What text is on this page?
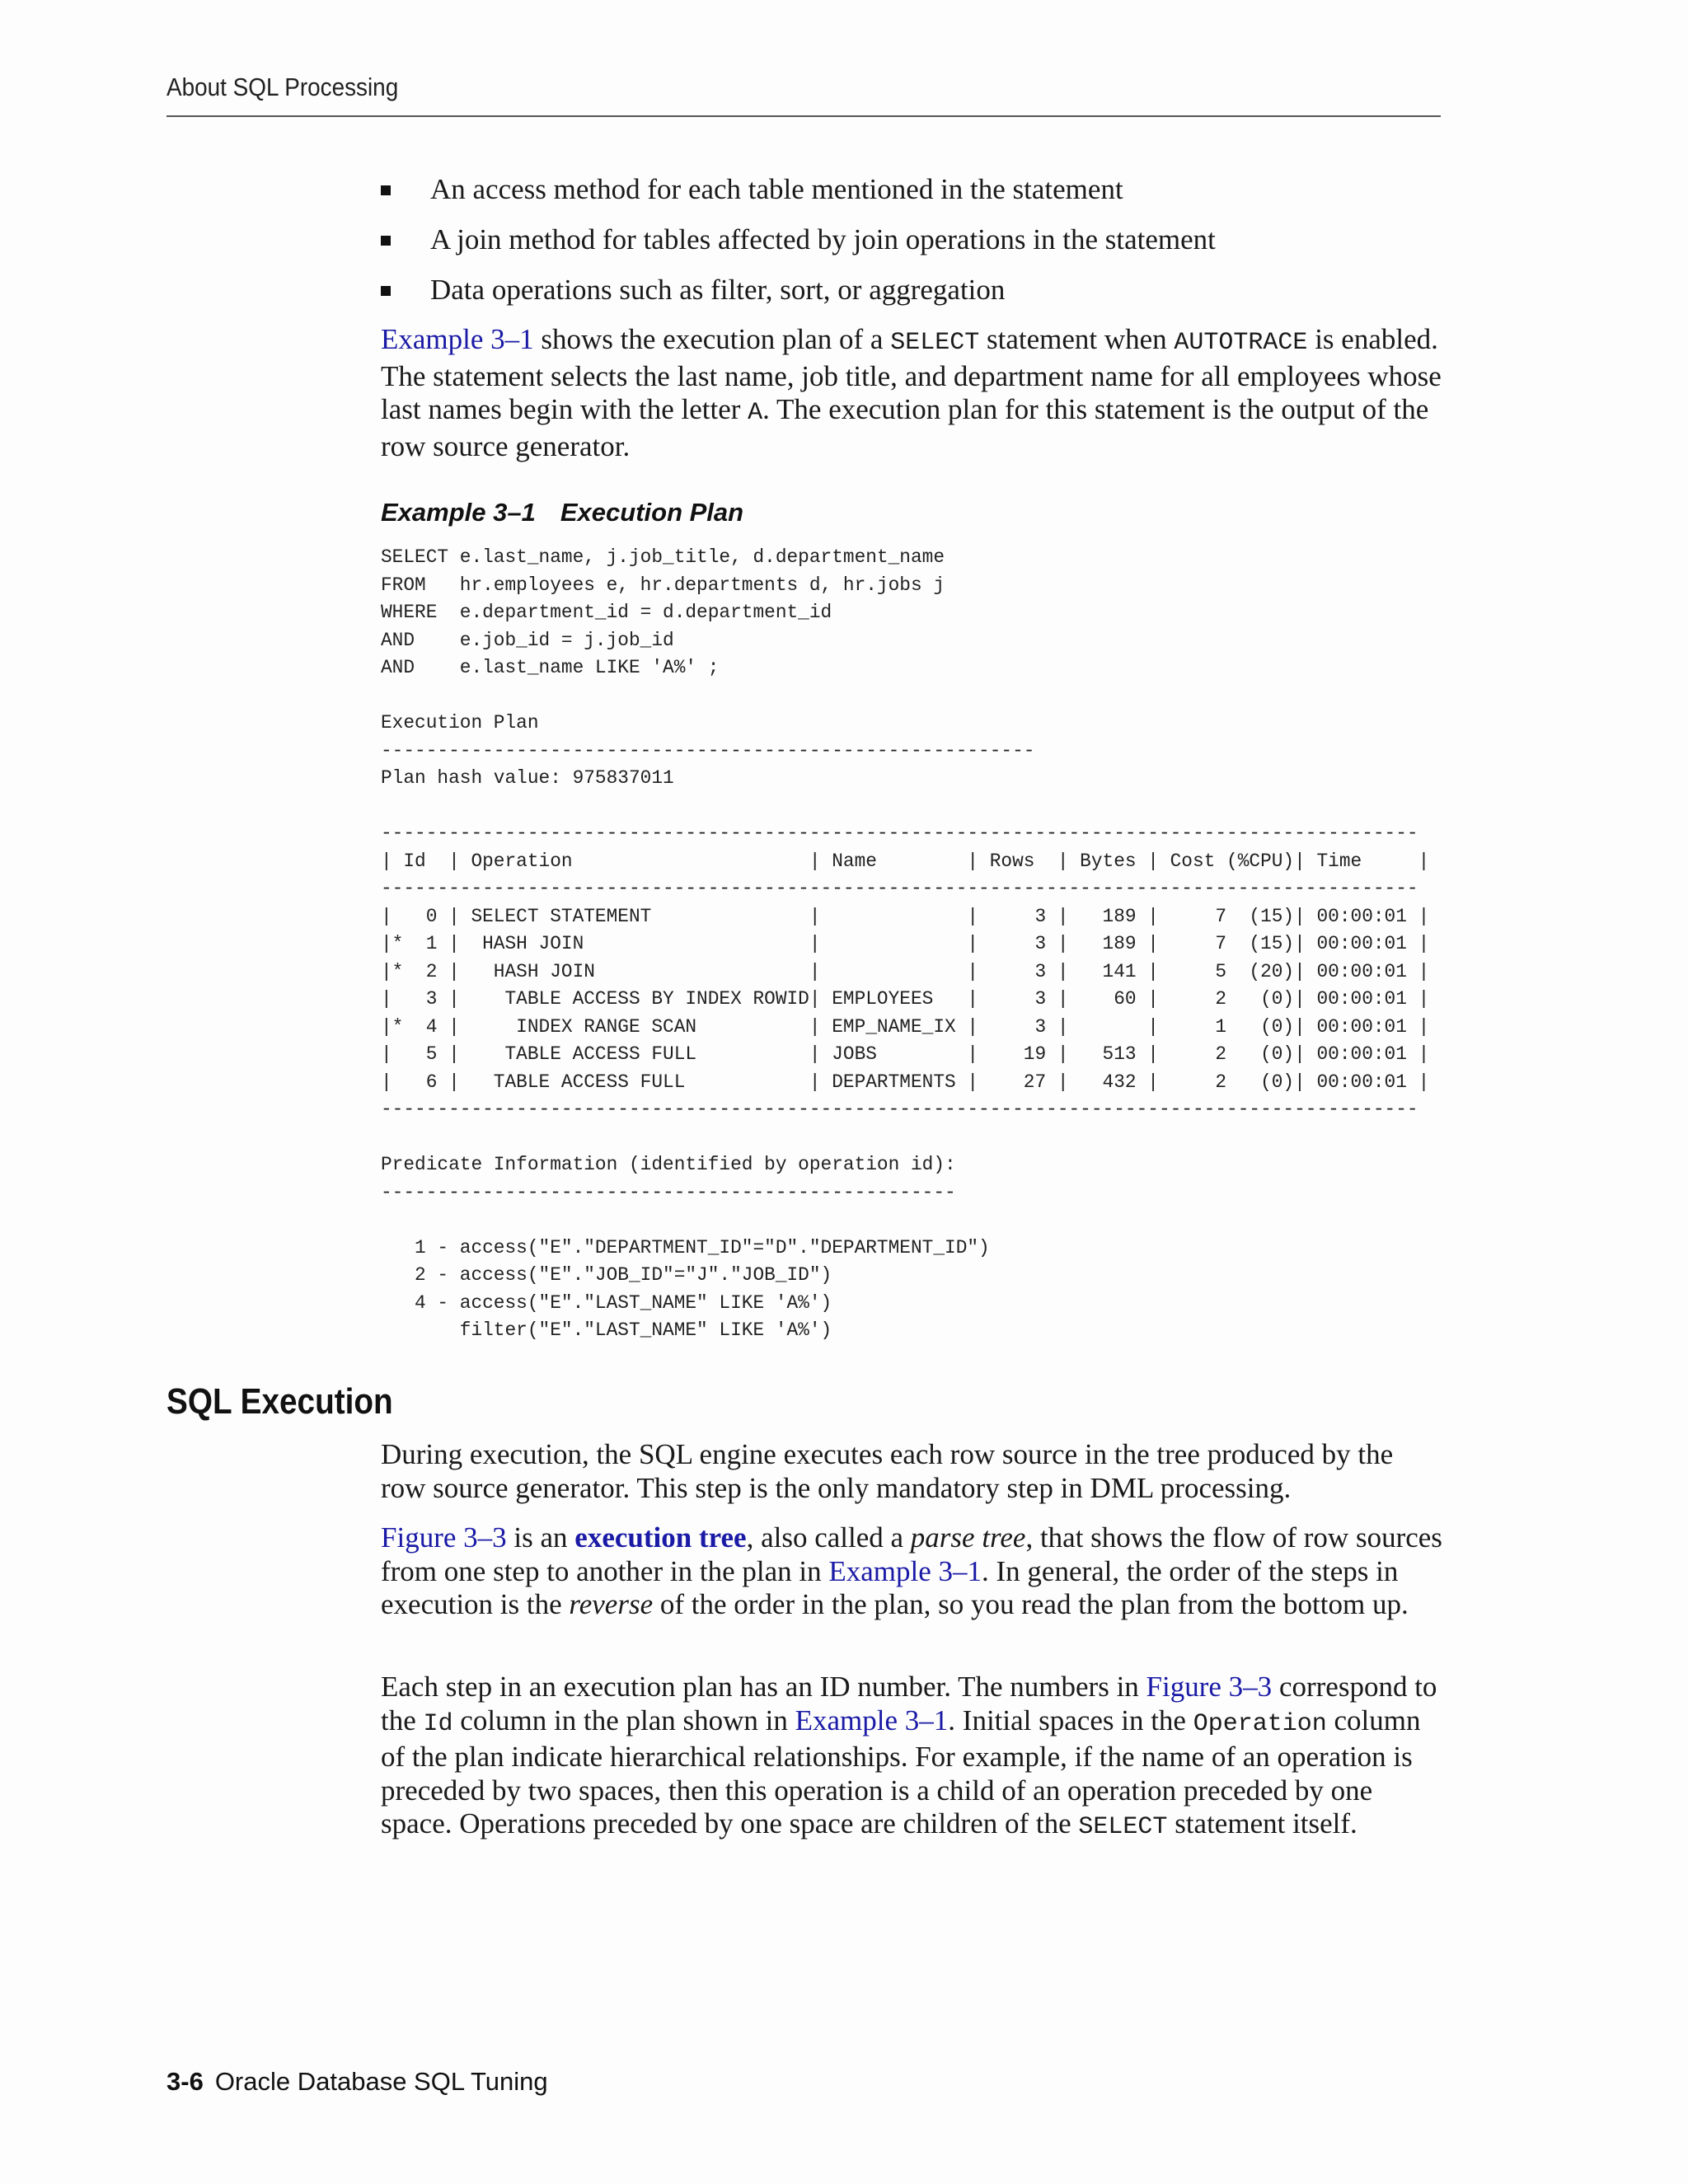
About SQL Processing
An access method for each table mentioned in the statement
A join method for tables affected by join operations in the statement
Data operations such as filter, sort, or aggregation

Example 3–1 shows the execution plan of a SELECT statement when AUTOTRACE is enabled. The statement selects the last name, job title, and department name for all employees whose last names begin with the letter A. The execution plan for this statement is the output of the row source generator.

Example 3–1 Execution Plan
SELECT e.last_name, j.job_title, d.department_name
FROM   hr.employees e, hr.departments d, hr.jobs j
WHERE  e.department_id = d.department_id
AND    e.job_id = j.job_id
AND    e.last_name LIKE 'A%' ;
Execution Plan
----------------------------------------------------------
Plan hash value: 975837011
--------------------------------------------------------------------------------------------
| Id  | Operation                     | Name        | Rows  | Bytes | Cost (%CPU)| Time     |
--------------------------------------------------------------------------------------------
|   0 | SELECT STATEMENT              |             |     3 |   189 |     7  (15)| 00:00:01 |
|*  1 |  HASH JOIN                    |             |     3 |   189 |     7  (15)| 00:00:01 |
|*  2 |   HASH JOIN                   |             |     3 |   141 |     5  (20)| 00:00:01 |
|   3 |    TABLE ACCESS BY INDEX ROWID| EMPLOYEES   |     3 |    60 |     2   (0)| 00:00:01 |
|*  4 |     INDEX RANGE SCAN          | EMP_NAME_IX |     3 |       |     1   (0)| 00:00:01 |
|   5 |    TABLE ACCESS FULL          | JOBS        |    19 |   513 |     2   (0)| 00:00:01 |
|   6 |   TABLE ACCESS FULL           | DEPARTMENTS |    27 |   432 |     2   (0)| 00:00:01 |
--------------------------------------------------------------------------------------------
Predicate Information (identified by operation id):
---------------------------------------------------
1 - access("E"."DEPARTMENT_ID"="D"."DEPARTMENT_ID")
2 - access("E"."JOB_ID"="J"."JOB_ID")
4 - access("E"."LAST_NAME" LIKE 'A%')
filter("E"."LAST_NAME" LIKE 'A%')
SQL Execution

During execution, the SQL engine executes each row source in the tree produced by the row source generator. This step is the only mandatory step in DML processing.

Figure 3–3 is an execution tree, also called a parse tree, that shows the flow of row sources from one step to another in the plan in Example 3–1. In general, the order of the steps in execution is the reverse of the order in the plan, so you read the plan from the bottom up.

Each step in an execution plan has an ID number. The numbers in Figure 3–3 correspond to the Id column in the plan shown in Example 3–1. Initial spaces in the Operation column of the plan indicate hierarchical relationships. For example, if the name of an operation is preceded by two spaces, then this operation is a child of an operation preceded by one space. Operations preceded by one space are children of the SELECT statement itself.

3-6 Oracle Database SQL Tuning
